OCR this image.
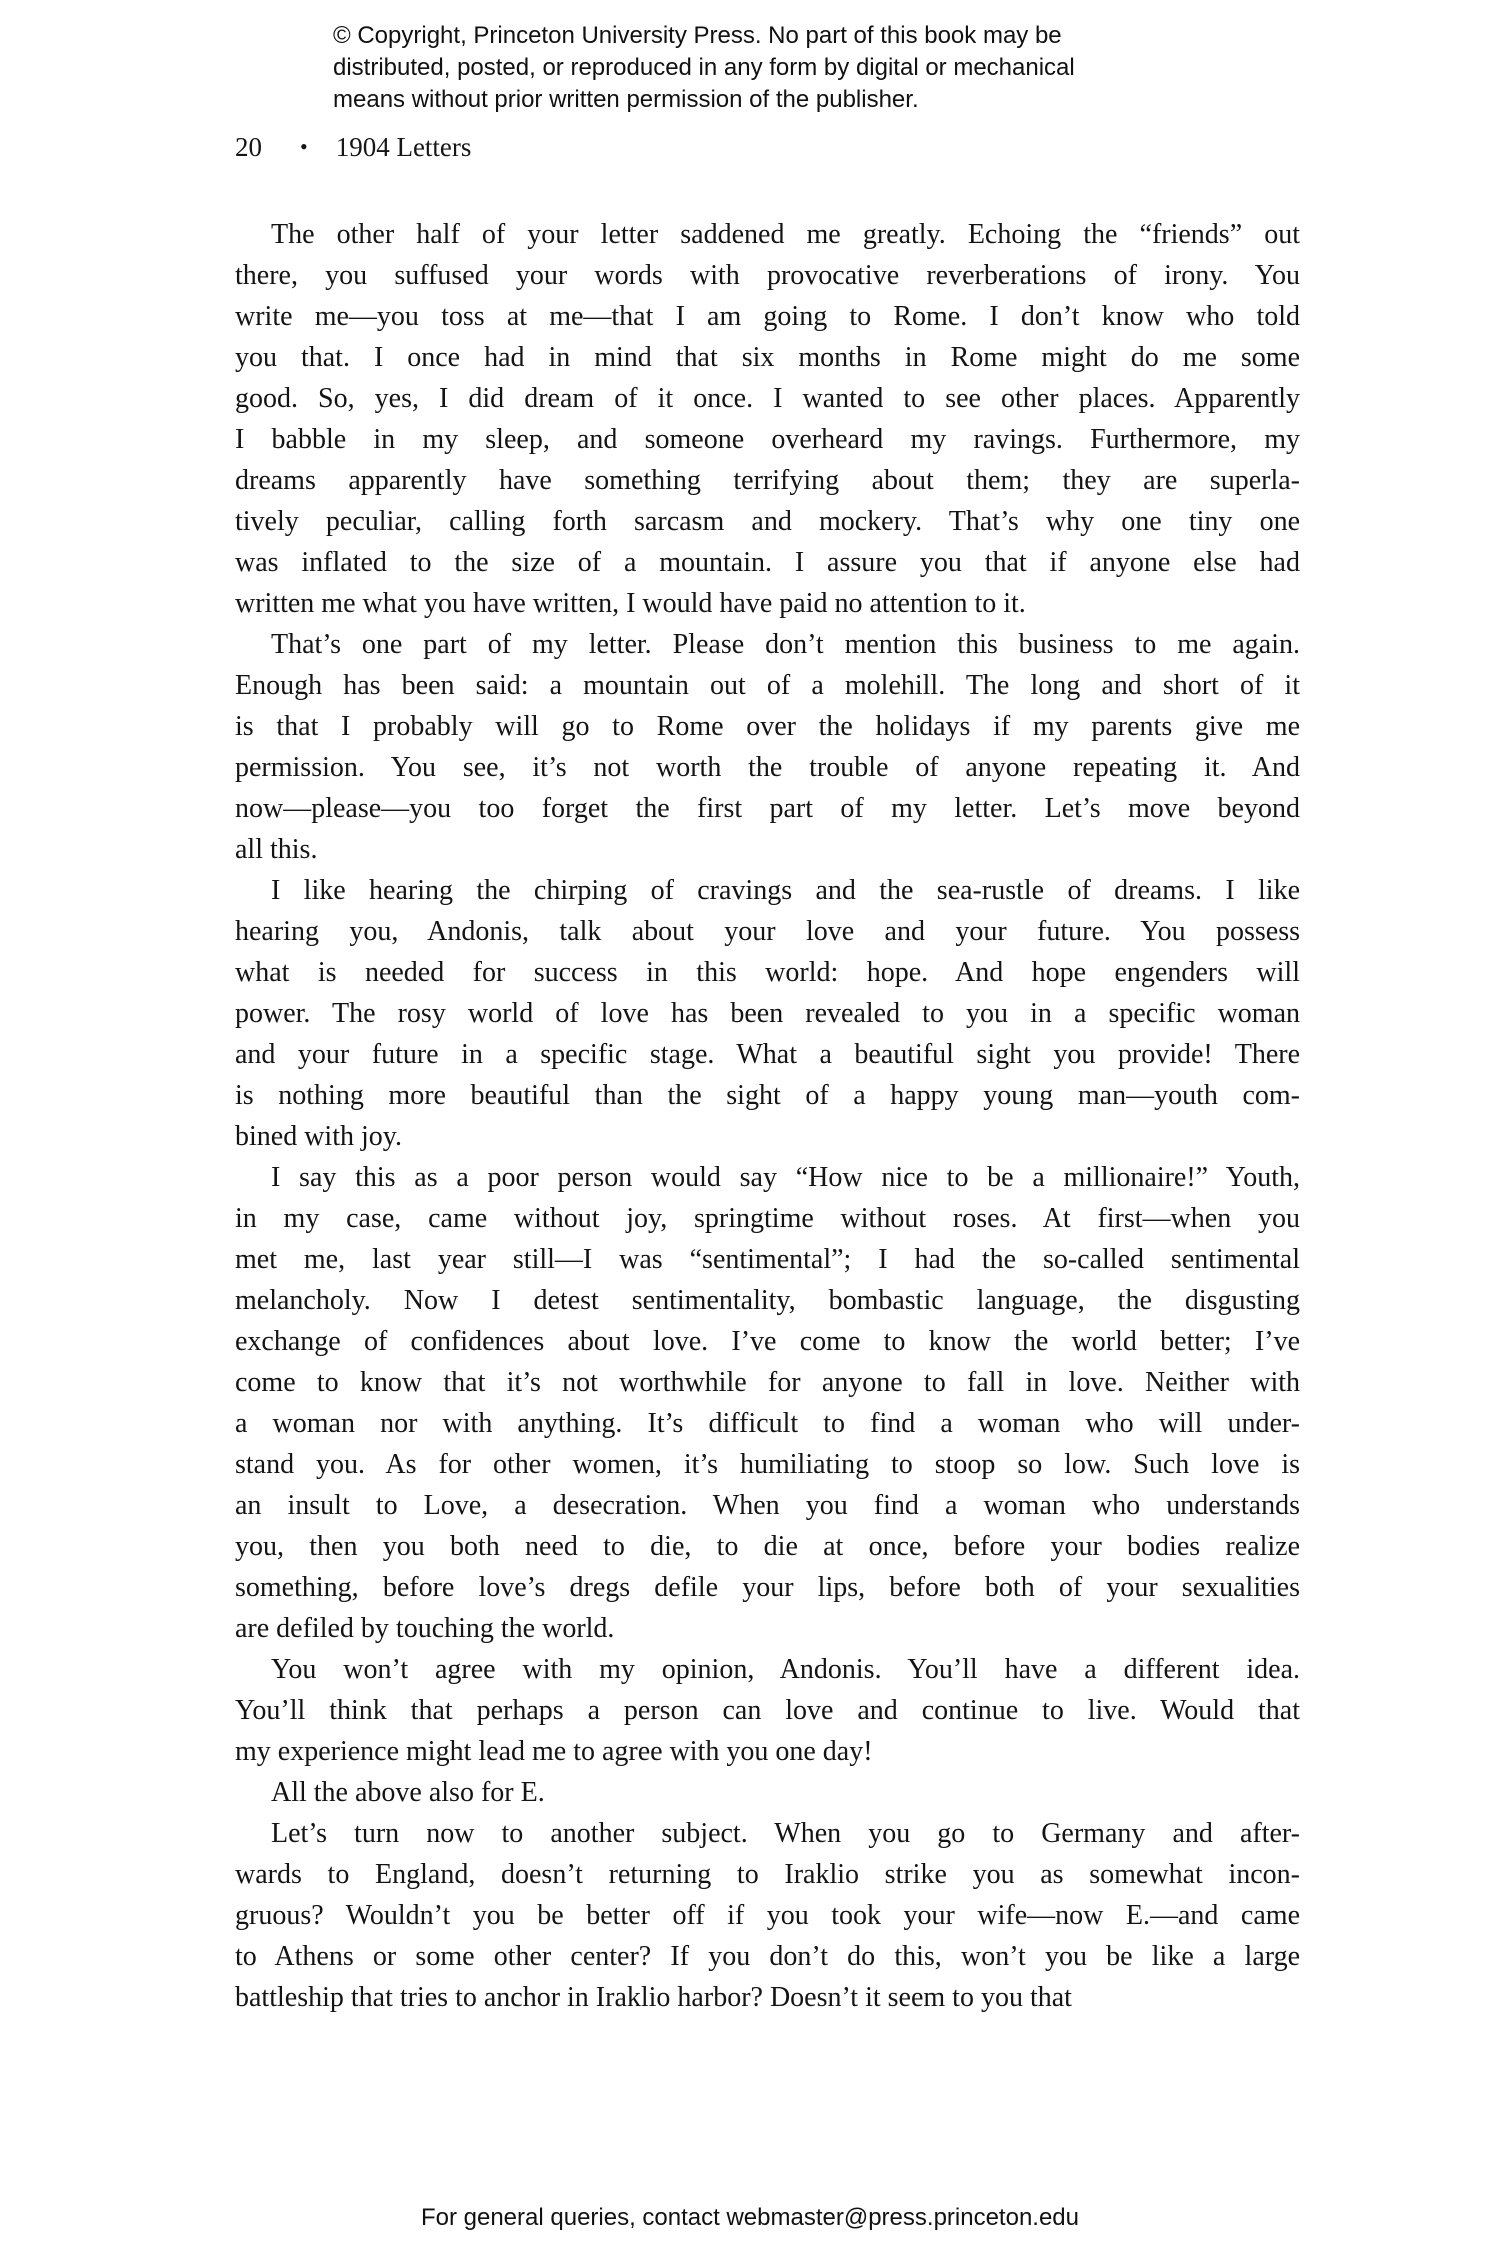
© Copyright, Princeton University Press. No part of this book may be
distributed, posted, or reproduced in any form by digital or mechanical
means without prior written permission of the publisher.
20 • 1904 Letters
The other half of your letter saddened me greatly. Echoing the “friends” out
there, you suffused your words with provocative reverberations of irony. You
write me—you toss at me—that I am going to Rome. I don’t know who told
you that. I once had in mind that six months in Rome might do me some
good. So, yes, I did dream of it once. I wanted to see other places. Apparently
I babble in my sleep, and someone overheard my ravings. Furthermore, my
dreams apparently have something terrifying about them; they are superla-
tively peculiar, calling forth sarcasm and mockery. That’s why one tiny one
was inflated to the size of a mountain. I assure you that if anyone else had
written me what you have written, I would have paid no attention to it.
That’s one part of my letter. Please don’t mention this business to me again.
Enough has been said: a mountain out of a molehill. The long and short of it
is that I probably will go to Rome over the holidays if my parents give me
permission. You see, it’s not worth the trouble of anyone repeating it. And
now—please—you too forget the first part of my letter. Let’s move beyond
all this.
I like hearing the chirping of cravings and the sea-rustle of dreams. I like
hearing you, Andonis, talk about your love and your future. You possess
what is needed for success in this world: hope. And hope engenders will
power. The rosy world of love has been revealed to you in a specific woman
and your future in a specific stage. What a beautiful sight you provide! There
is nothing more beautiful than the sight of a happy young man—youth com-
bined with joy.
I say this as a poor person would say “How nice to be a millionaire!” Youth,
in my case, came without joy, springtime without roses. At first—when you
met me, last year still—I was “sentimental”; I had the so-called sentimental
melancholy. Now I detest sentimentality, bombastic language, the disgusting
exchange of confidences about love. I’ve come to know the world better; I’ve
come to know that it’s not worthwhile for anyone to fall in love. Neither with
a woman nor with anything. It’s difficult to find a woman who will under-
stand you. As for other women, it’s humiliating to stoop so low. Such love is
an insult to Love, a desecration. When you find a woman who understands
you, then you both need to die, to die at once, before your bodies realize
something, before love’s dregs defile your lips, before both of your sexualities
are defiled by touching the world.
You won’t agree with my opinion, Andonis. You’ll have a different idea.
You’ll think that perhaps a person can love and continue to live. Would that
my experience might lead me to agree with you one day!
All the above also for E.
Let’s turn now to another subject. When you go to Germany and after-
wards to England, doesn’t returning to Iraklio strike you as somewhat incon-
gruous? Wouldn’t you be better off if you took your wife—now E.—and came
to Athens or some other center? If you don’t do this, won’t you be like a large
battleship that tries to anchor in Iraklio harbor? Doesn’t it seem to you that
For general queries, contact webmaster@press.princeton.edu
